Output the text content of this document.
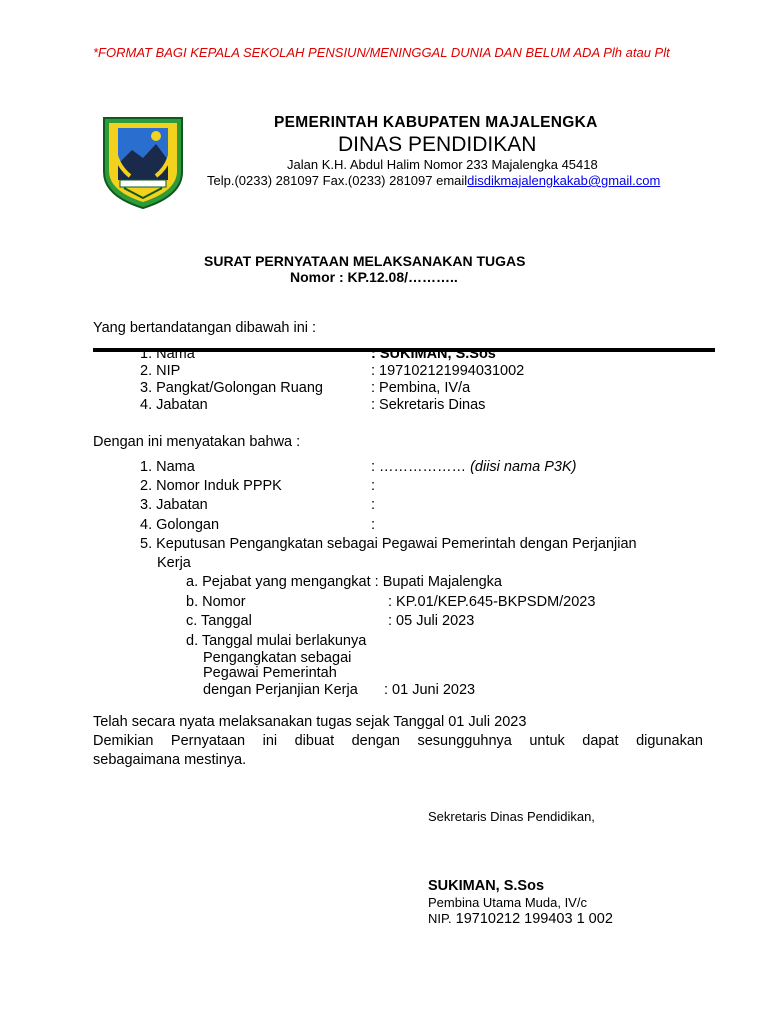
*FORMAT BAGI KEPALA SEKOLAH PENSIUN/MENINGGAL DUNIA DAN BELUM ADA Plh atau Plt
PEMERINTAH KABUPATEN MAJALENGKA
DINAS PENDIDIKAN
Jalan K.H. Abdul Halim Nomor 233 Majalengka 45418
Telp.(0233) 281097 Fax.(0233) 281097 emaildisdikmajalengkakab@gmail.com
SURAT PERNYATAAN MELAKSANAKAN TUGAS
Nomor : KP.12.08/………..
Yang bertandatangan dibawah ini :
1. Nama	: SUKIMAN, S.Sos
2. NIP	: 197102121994031002
3. Pangkat/Golongan Ruang	: Pembina, IV/a
4. Jabatan	: Sekretaris Dinas
Dengan ini menyatakan bahwa :
1. Nama	: ……………… (diisi nama P3K)
2. Nomor Induk PPPK	:
3. Jabatan	:
4. Golongan	:
5. Keputusan Pengangkatan sebagai Pegawai Pemerintah dengan Perjanjian
Kerja
a. Pejabat yang mengangkat : Bupati Majalengka
b. Nomor	: KP.01/KEP.645-BKPSDM/2023
c. Tanggal	: 05 Juli 2023
d. Tanggal mulai berlakunya
Pengangkatan sebagai
Pegawai Pemerintah
dengan Perjanjian Kerja : 01 Juni 2023
Telah secara nyata melaksanakan tugas sejak Tanggal 01 Juli 2023
Demikian Pernyataan ini dibuat dengan sesungguhnya untuk dapat digunakan
sebagaimana mestinya.
Sekretaris Dinas Pendidikan,
SUKIMAN, S.Sos
Pembina Utama Muda, IV/c
NIP. 19710212 199403 1 002
